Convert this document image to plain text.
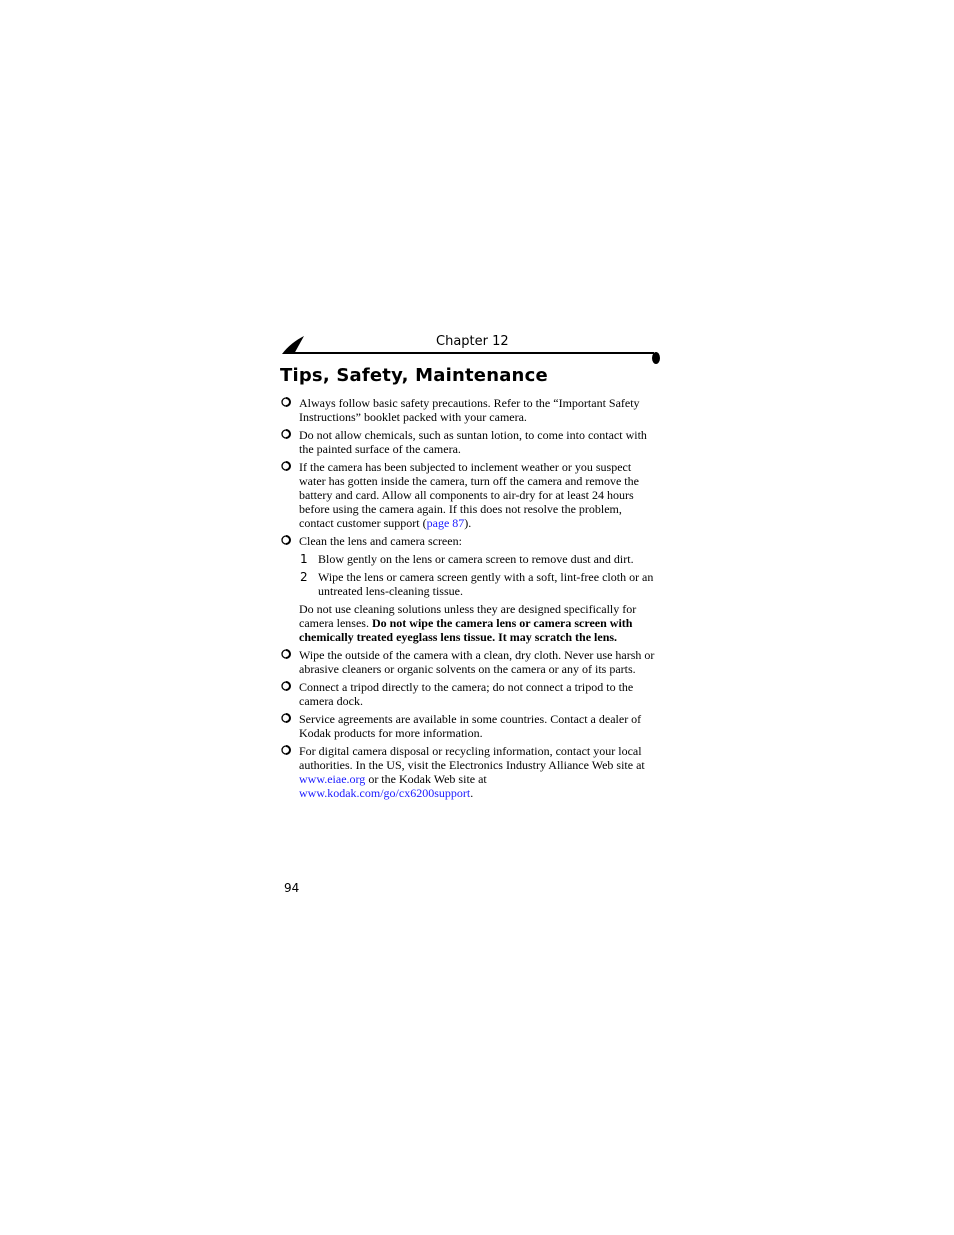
Chapter 12
Tips, Safety, Maintenance
Always follow basic safety precautions. Refer to the “Important Safety Instructions” booklet packed with your camera.
Do not allow chemicals, such as suntan lotion, to come into contact with the painted surface of the camera.
If the camera has been subjected to inclement weather or you suspect water has gotten inside the camera, turn off the camera and remove the battery and card. Allow all components to air-dry for at least 24 hours before using the camera again. If this does not resolve the problem, contact customer support (page 87).
Clean the lens and camera screen:
1 Blow gently on the lens or camera screen to remove dust and dirt.
2 Wipe the lens or camera screen gently with a soft, lint-free cloth or an untreated lens-cleaning tissue.
Do not use cleaning solutions unless they are designed specifically for camera lenses. Do not wipe the camera lens or camera screen with chemically treated eyeglass lens tissue. It may scratch the lens.
Wipe the outside of the camera with a clean, dry cloth. Never use harsh or abrasive cleaners or organic solvents on the camera or any of its parts.
Connect a tripod directly to the camera; do not connect a tripod to the camera dock.
Service agreements are available in some countries. Contact a dealer of Kodak products for more information.
For digital camera disposal or recycling information, contact your local authorities. In the US, visit the Electronics Industry Alliance Web site at www.eiae.org or the Kodak Web site at
www.kodak.com/go/cx6200support.
94
